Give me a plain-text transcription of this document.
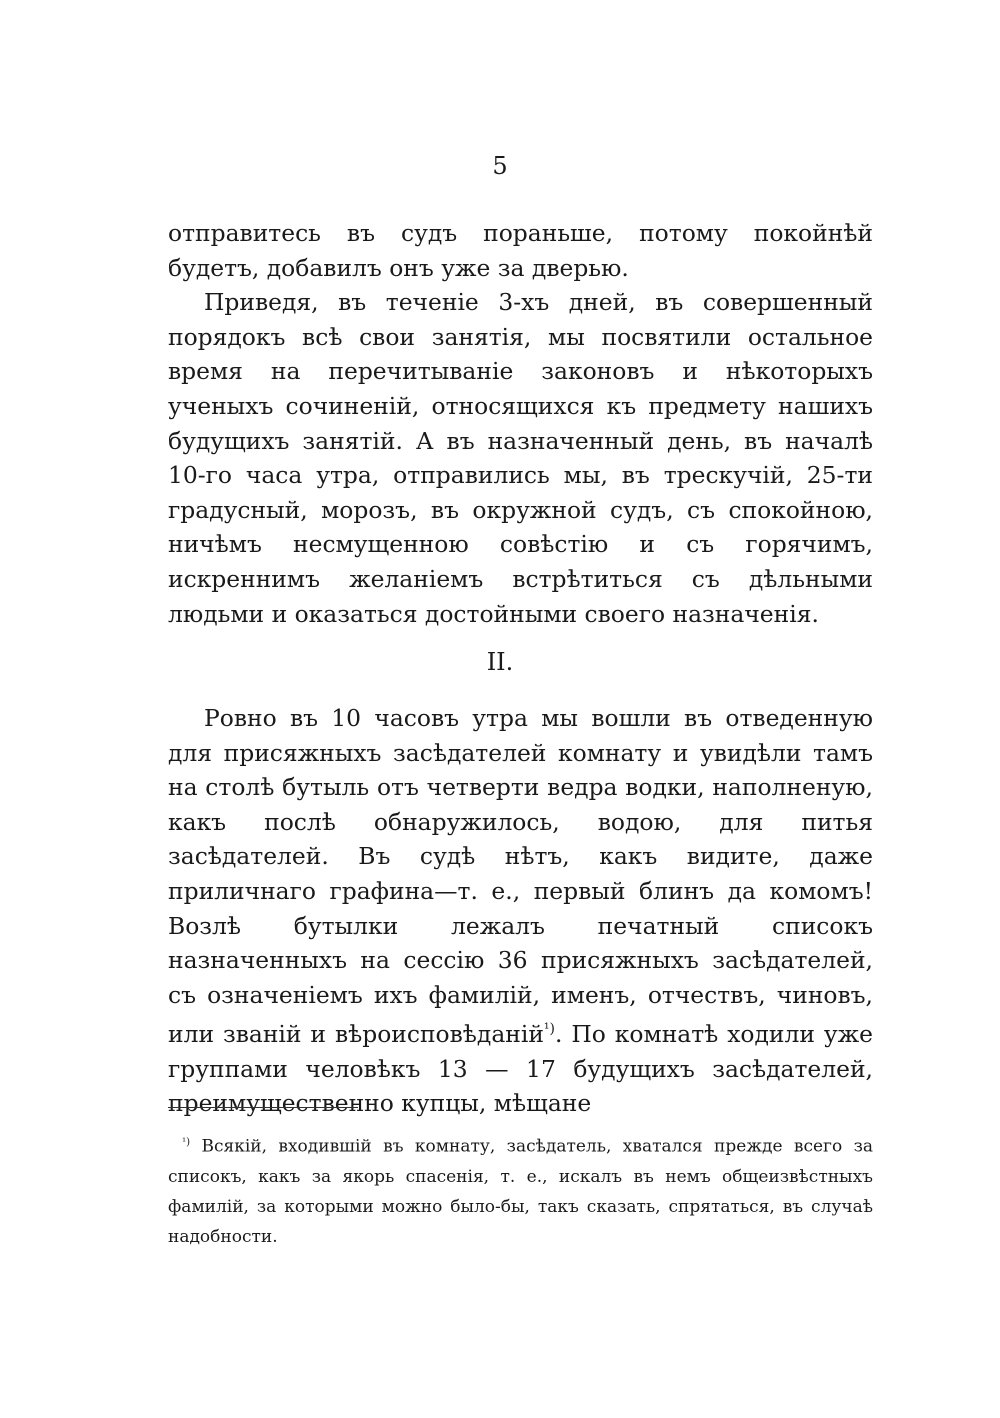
5

отправитесь въ судъ пораньше, потому покойнѣй будетъ, добавилъ онъ уже за дверью.

Приведя, въ теченіе 3-хъ дней, въ совершенный порядокъ всѣ свои занятія, мы посвятили остальное время на перечитываніе законовъ и нѣкоторыхъ ученыхъ сочиненій, относящихся къ предмету нашихъ будущихъ занятій. А въ назначенный день, въ началѣ 10-го часа утра, отправились мы, въ трескучій, 25-ти градусный, морозъ, въ окружной судъ, съ спокойною, ничѣмъ несмущенною совѣстію и съ горячимъ, искреннимъ желаніемъ встрѣтиться съ дѣльными людьми и оказаться достойными своего назначенія.

II.

Ровно въ 10 часовъ утра мы вошли въ отведенную для присяжныхъ засѣдателей комнату и увидѣли тамъ на столѣ бутыль отъ четверти ведра водки, наполненую, какъ послѣ обнаружилось, водою, для питья засѣдателей. Въ судѣ нѣтъ, какъ видите, даже приличнаго графина—т. е., первый блинъ да комомъ! Возлѣ бутылки лежалъ печатный списокъ назначенныхъ на сессію 36 присяжныхъ засѣдателей, съ означеніемъ ихъ фамилій, именъ, отчествъ, чиновъ, или званій и вѣроисповѣданій$^{^1)}$. По комнатѣ ходили уже группами человѣкъ 13 — 17 будущихъ засѣдателей, преимущественно купцы, мѣщане

$^{^1)}$ Всякій, входившій въ комнату, засѣдатель, хватался прежде всего за списокъ, какъ за якорь спасенія, т. е., искалъ въ немъ общеизвѣстныхъ фамилій, за которыми можно было-бы, такъ сказать, спрятаться, въ случаѣ надобности.
